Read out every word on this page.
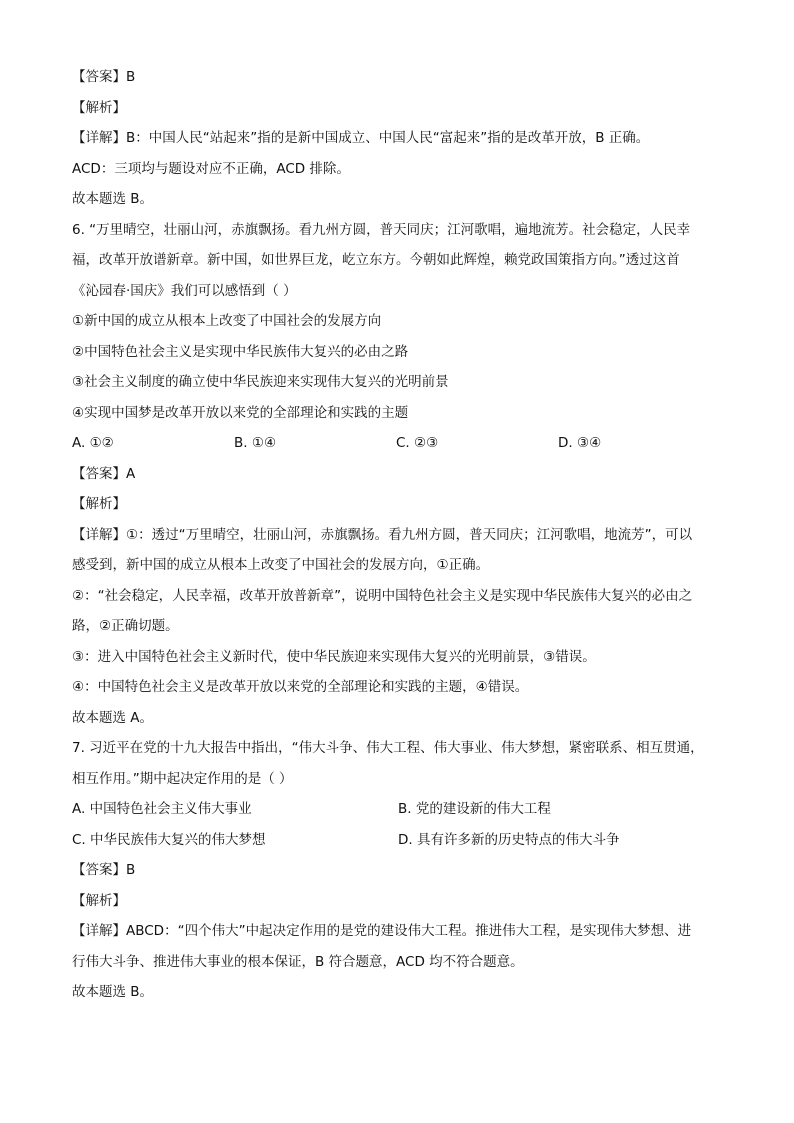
【答案】B
【解析】
【详解】B：中国人民“站起来”指的是新中国成立、中国人民“富起来”指的是改革开放，B 正确。
ACD：三项均与题设对应不正确，ACD 排除。
故本题选 B。
6. “万里晴空，壮丽山河，赤旗飘扬。看九州方圆，普天同庆；江河歌唱，遍地流芳。社会稳定，人民幸
福，改革开放谱新章。新中国，如世界巨龙，屹立东方。今朝如此辉煌，赖党政国策指方向。”透过这首
《沁园春·国庆》我们可以感悟到（ ）
①新中国的成立从根本上改变了中国社会的发展方向
②中国特色社会主义是实现中华民族伟大复兴的必由之路
③社会主义制度的确立使中华民族迎来实现伟大复兴的光明前景
④实现中国梦是改革开放以来党的全部理论和实践的主题
A. ①②	B. ①④	C. ②③	D. ③④
【答案】A
【解析】
【详解】①：透过“万里晴空，壮丽山河，赤旗飘扬。看九州方圆，普天同庆；江河歌唱，地流芳”，可以
感受到，新中国的成立从根本上改变了中国社会的发展方向，①正确。
②：“社会稳定，人民幸福，改革开放普新章”，说明中国特色社会主义是实现中华民族伟大复兴的必由之
路，②正确切题。
③：进入中国特色社会主义新时代，使中华民族迎来实现伟大复兴的光明前景，③错误。
④：中国特色社会主义是改革开放以来党的全部理论和实践的主题，④错误。
故本题选 A。
7. 习近平在党的十九大报告中指出，“伟大斗争、伟大工程、伟大事业、伟大梦想，紧密联系、相互贯通，
相互作用。”期中起决定作用的是（ ）
A. 中国特色社会主义伟大事业	B. 党的建设新的伟大工程
C. 中华民族伟大复兴的伟大梦想	D. 具有许多新的历史特点的伟大斗争
【答案】B
【解析】
【详解】ABCD：“四个伟大”中起决定作用的是党的建设伟大工程。推进伟大工程，是实现伟大梦想、进
行伟大斗争、推进伟大事业的根本保证，B 符合题意，ACD 均不符合题意。
故本题选 B。
